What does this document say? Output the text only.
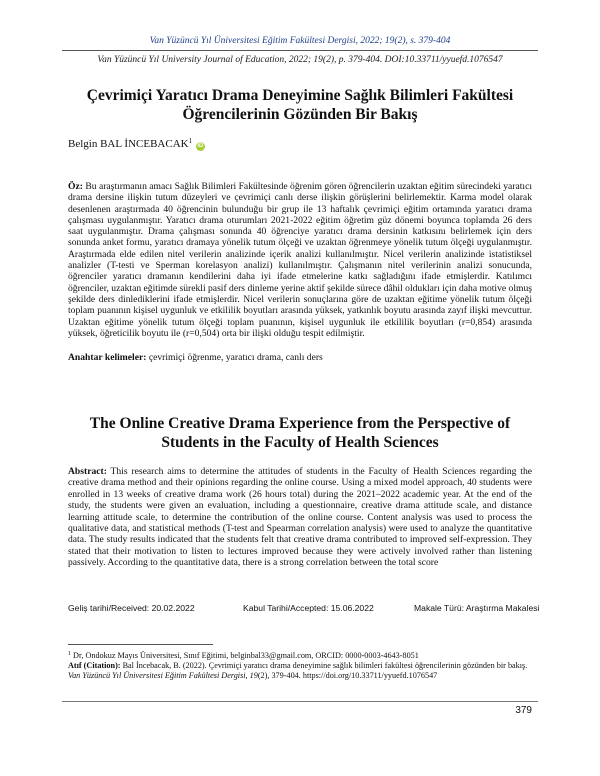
Van Yüzüncü Yıl Üniversitesi Eğitim Fakültesi Dergisi, 2022; 19(2), s. 379-404
Van Yüzüncü Yıl University Journal of Education, 2022; 19(2), p. 379-404. DOI:10.33711/yyuefd.1076547
Çevrimiçi Yaratıcı Drama Deneyimine Sağlık Bilimleri Fakültesi Öğrencilerinin Gözünden Bir Bakış
Belgin BAL İNCEBACAK$^1$ iD
Öz: Bu araştırmanın amacı Sağlık Bilimleri Fakültesinde öğrenim gören öğrencilerin uzaktan eğitim sürecindeki yaratıcı drama dersine ilişkin tutum düzeyleri ve çevrimiçi canlı derse ilişkin görüşlerini belirlemektir. Karma model olarak desenlenen araştırmada 40 öğrencinin bulunduğu bir grup ile 13 haftalık çevrimiçi eğitim ortamında yaratıcı drama çalışması uygulanmıştır. Yaratıcı drama oturumları 2021-2022 eğitim öğretim güz dönemi boyunca toplamda 26 ders saat uygulanmıştır. Drama çalışması sonunda 40 öğrenciye yaratıcı drama dersinin katkısını belirlemek için ders sonunda anket formu, yaratıcı dramaya yönelik tutum ölçeği ve uzaktan öğrenmeye yönelik tutum ölçeği uygulanmıştır. Araştırmada elde edilen nitel verilerin analizinde içerik analizi kullanılmıştır. Nicel verilerin analizinde istatistiksel analizler (T-testi ve Sperman korelasyon analizi) kullanılmıştır. Çalışmanın nitel verilerinin analizi sonucunda, öğrenciler yaratıcı dramanın kendilerini daha iyi ifade etmelerine katkı sağladığını ifade etmişlerdir. Katılımcı öğrenciler, uzaktan eğitimde sürekli pasif ders dinleme yerine aktif şekilde sürece dâhil oldukları için daha motive olmuş şekilde ders dinlediklerini ifade etmişlerdir. Nicel verilerin sonuçlarına göre de uzaktan eğitime yönelik tutum ölçeği toplam puanının kişisel uygunluk ve etkililik boyutları arasında yüksek, yatkınlık boyutu arasında zayıf ilişki mevcuttur. Uzaktan eğitime yönelik tutum ölçeği toplam puanının, kişisel uygunluk ile etkililik boyutları (r=0,854) arasında yüksek, öğreticilik boyutu ile (r=0,504) orta bir ilişki olduğu tespit edilmiştir.
Anahtar kelimeler: çevrimiçi öğrenme, yaratıcı drama, canlı ders
The Online Creative Drama Experience from the Perspective of Students in the Faculty of Health Sciences
Abstract: This research aims to determine the attitudes of students in the Faculty of Health Sciences regarding the creative drama method and their opinions regarding the online course. Using a mixed model approach, 40 students were enrolled in 13 weeks of creative drama work (26 hours total) during the 2021–2022 academic year. At the end of the study, the students were given an evaluation, including a questionnaire, creative drama attitude scale, and distance learning attitude scale, to determine the contribution of the online course. Content analysis was used to process the qualitative data, and statistical methods (T-test and Spearman correlation analysis) were used to analyze the quantitative data. The study results indicated that the students felt that creative drama contributed to improved self-expression. They stated that their motivation to listen to lectures improved because they were actively involved rather than listening passively. According to the quantitative data, there is a strong correlation between the total score
Geliş tarihi/Received: 20.02.2022	Kabul Tarihi/Accepted: 15.06.2022	Makale Türü: Araştırma Makalesi
$^1$ Dr, Ondokuz Mayıs Üniversitesi, Sınıf Eğitimi, belginbal33@gmail.com, ORCID: 0000-0003-4643-8051
Atıf (Citation): Bal İncebacak, B. (2022). Çevrimiçi yaratıcı drama deneyimine sağlık bilimleri fakültesi öğrencilerinin gözünden bir bakış. Van Yüzüncü Yıl Üniversitesi Eğitim Fakültesi Dergisi, 19(2), 379-404. https://doi.org/10.33711/yyuefd.1076547
379
